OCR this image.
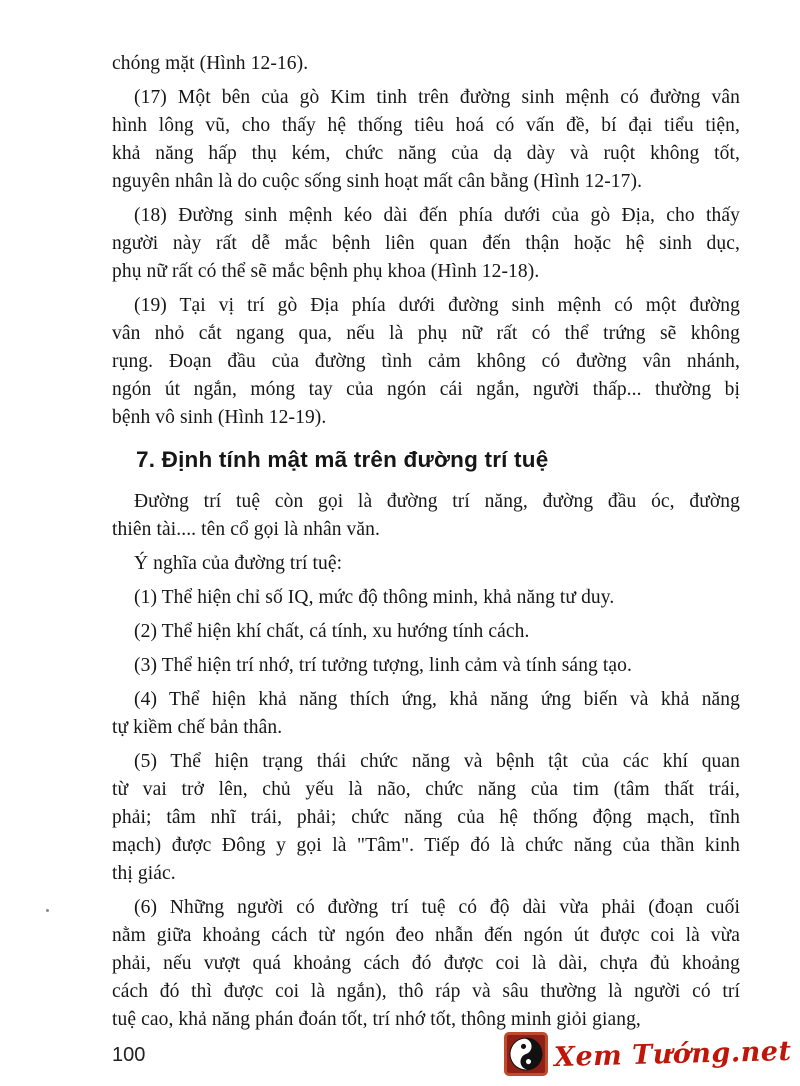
chóng mặt (Hình 12-16).
(17) Một bên của gò Kim tinh trên đường sinh mệnh có đường vân
hình lông vũ, cho thấy hệ thống tiêu hoá có vấn đề, bí đại tiểu tiện,
khả năng hấp thụ kém, chức năng của dạ dày và ruột không tốt,
nguyên nhân là do cuộc sống sinh hoạt mất cân bằng (Hình 12-17).
(18) Đường sinh mệnh kéo dài đến phía dưới của gò Địa, cho thấy
người này rất dễ mắc bệnh liên quan đến thận hoặc hệ sinh dục,
phụ nữ rất có thể sẽ mắc bệnh phụ khoa (Hình 12-18).
(19) Tại vị trí gò Địa phía dưới đường sinh mệnh có một đường
vân nhỏ cắt ngang qua, nếu là phụ nữ rất có thể trứng sẽ không
rụng. Đoạn đầu của đường tình cảm không có đường vân nhánh,
ngón út ngắn, móng tay của ngón cái ngắn, người thấp... thường bị
bệnh vô sinh (Hình 12-19).
7. Định tính mật mã trên đường trí tuệ
Đường trí tuệ còn gọi là đường trí năng, đường đầu óc, đường
thiên tài.... tên cổ gọi là nhân văn.
Ý nghĩa của đường trí tuệ:
(1) Thể hiện chỉ số IQ, mức độ thông minh, khả năng tư duy.
(2) Thể hiện khí chất, cá tính, xu hướng tính cách.
(3) Thể hiện trí nhớ, trí tưởng tượng, linh cảm và tính sáng tạo.
(4) Thể hiện khả năng thích ứng, khả năng ứng biến và khả năng
tự kiềm chế bản thân.
(5) Thể hiện trạng thái chức năng và bệnh tật của các khí quan
từ vai trở lên, chủ yếu là não, chức năng của tim (tâm thất trái,
phải; tâm nhĩ trái, phải; chức năng của hệ thống động mạch, tĩnh
mạch) được Đông y gọi là "Tâm". Tiếp đó là chức năng của thần kinh
thị giác.
(6) Những người có đường trí tuệ có độ dài vừa phải (đoạn cuối
nằm giữa khoảng cách từ ngón đeo nhẫn đến ngón út được coi là vừa
phải, nếu vượt quá khoảng cách đó được coi là dài, chựa đủ khoảng
cách đó thì được coi là ngắn), thô ráp và sâu thường là người có trí
tuệ cao, khả năng phán đoán tốt, trí nhớ tốt, thông minh giỏi giang,
100	Xem Tướng.net
